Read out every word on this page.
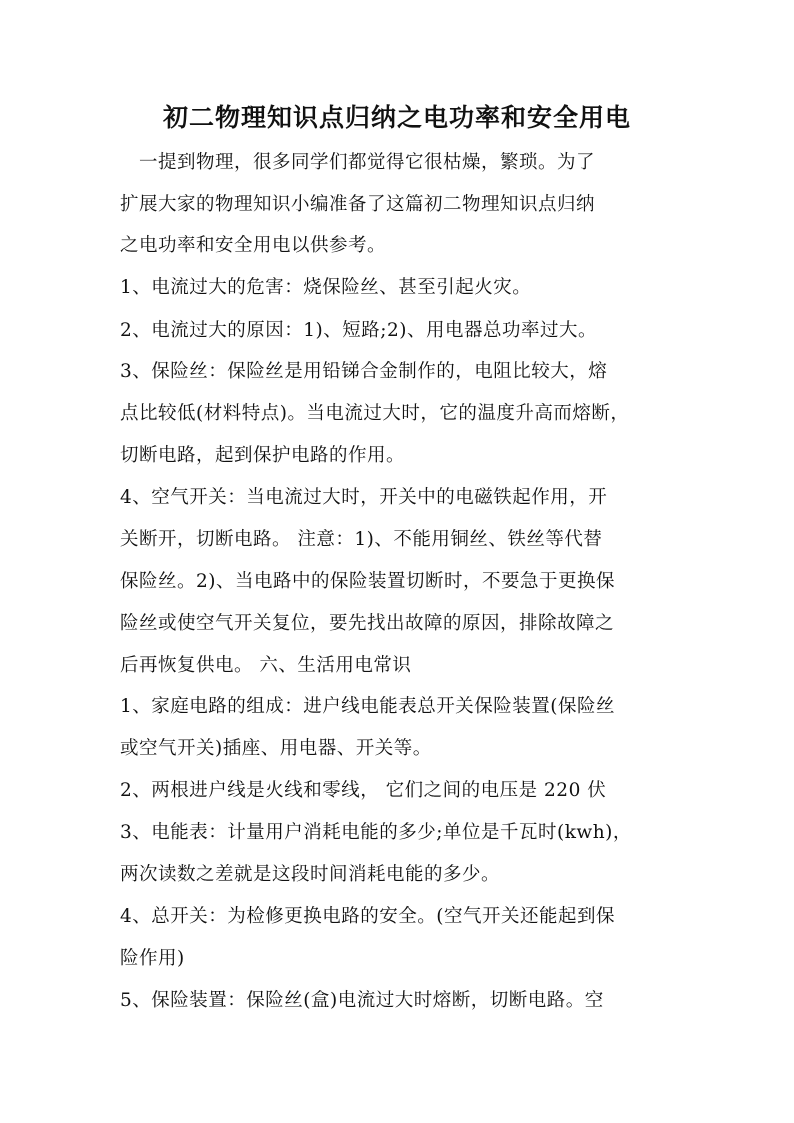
初二物理知识点归纳之电功率和安全用电
　一提到物理，很多同学们都觉得它很枯燥，繁琐。为了
扩展大家的物理知识小编准备了这篇初二物理知识点归纳
之电功率和安全用电以供参考。
1、电流过大的危害：烧保险丝、甚至引起火灾。
2、电流过大的原因：1)、短路;2)、用电器总功率过大。
3、保险丝：保险丝是用铅锑合金制作的，电阻比较大，熔
点比较低(材料特点)。当电流过大时，它的温度升高而熔断，
切断电路，起到保护电路的作用。
4、空气开关：当电流过大时，开关中的电磁铁起作用，开
关断开，切断电路。 注意：1)、不能用铜丝、铁丝等代替
保险丝。2)、当电路中的保险装置切断时，不要急于更换保
险丝或使空气开关复位，要先找出故障的原因，排除故障之
后再恢复供电。 六、生活用电常识
1、家庭电路的组成：进户线电能表总开关保险装置(保险丝
或空气开关)插座、用电器、开关等。
2、两根进户线是火线和零线， 它们之间的电压是 220 伏
3、电能表：计量用户消耗电能的多少;单位是千瓦时(kwh)，
两次读数之差就是这段时间消耗电能的多少。
4、总开关：为检修更换电路的安全。(空气开关还能起到保
险作用)
5、保险装置：保险丝(盒)电流过大时熔断，切断电路。空
